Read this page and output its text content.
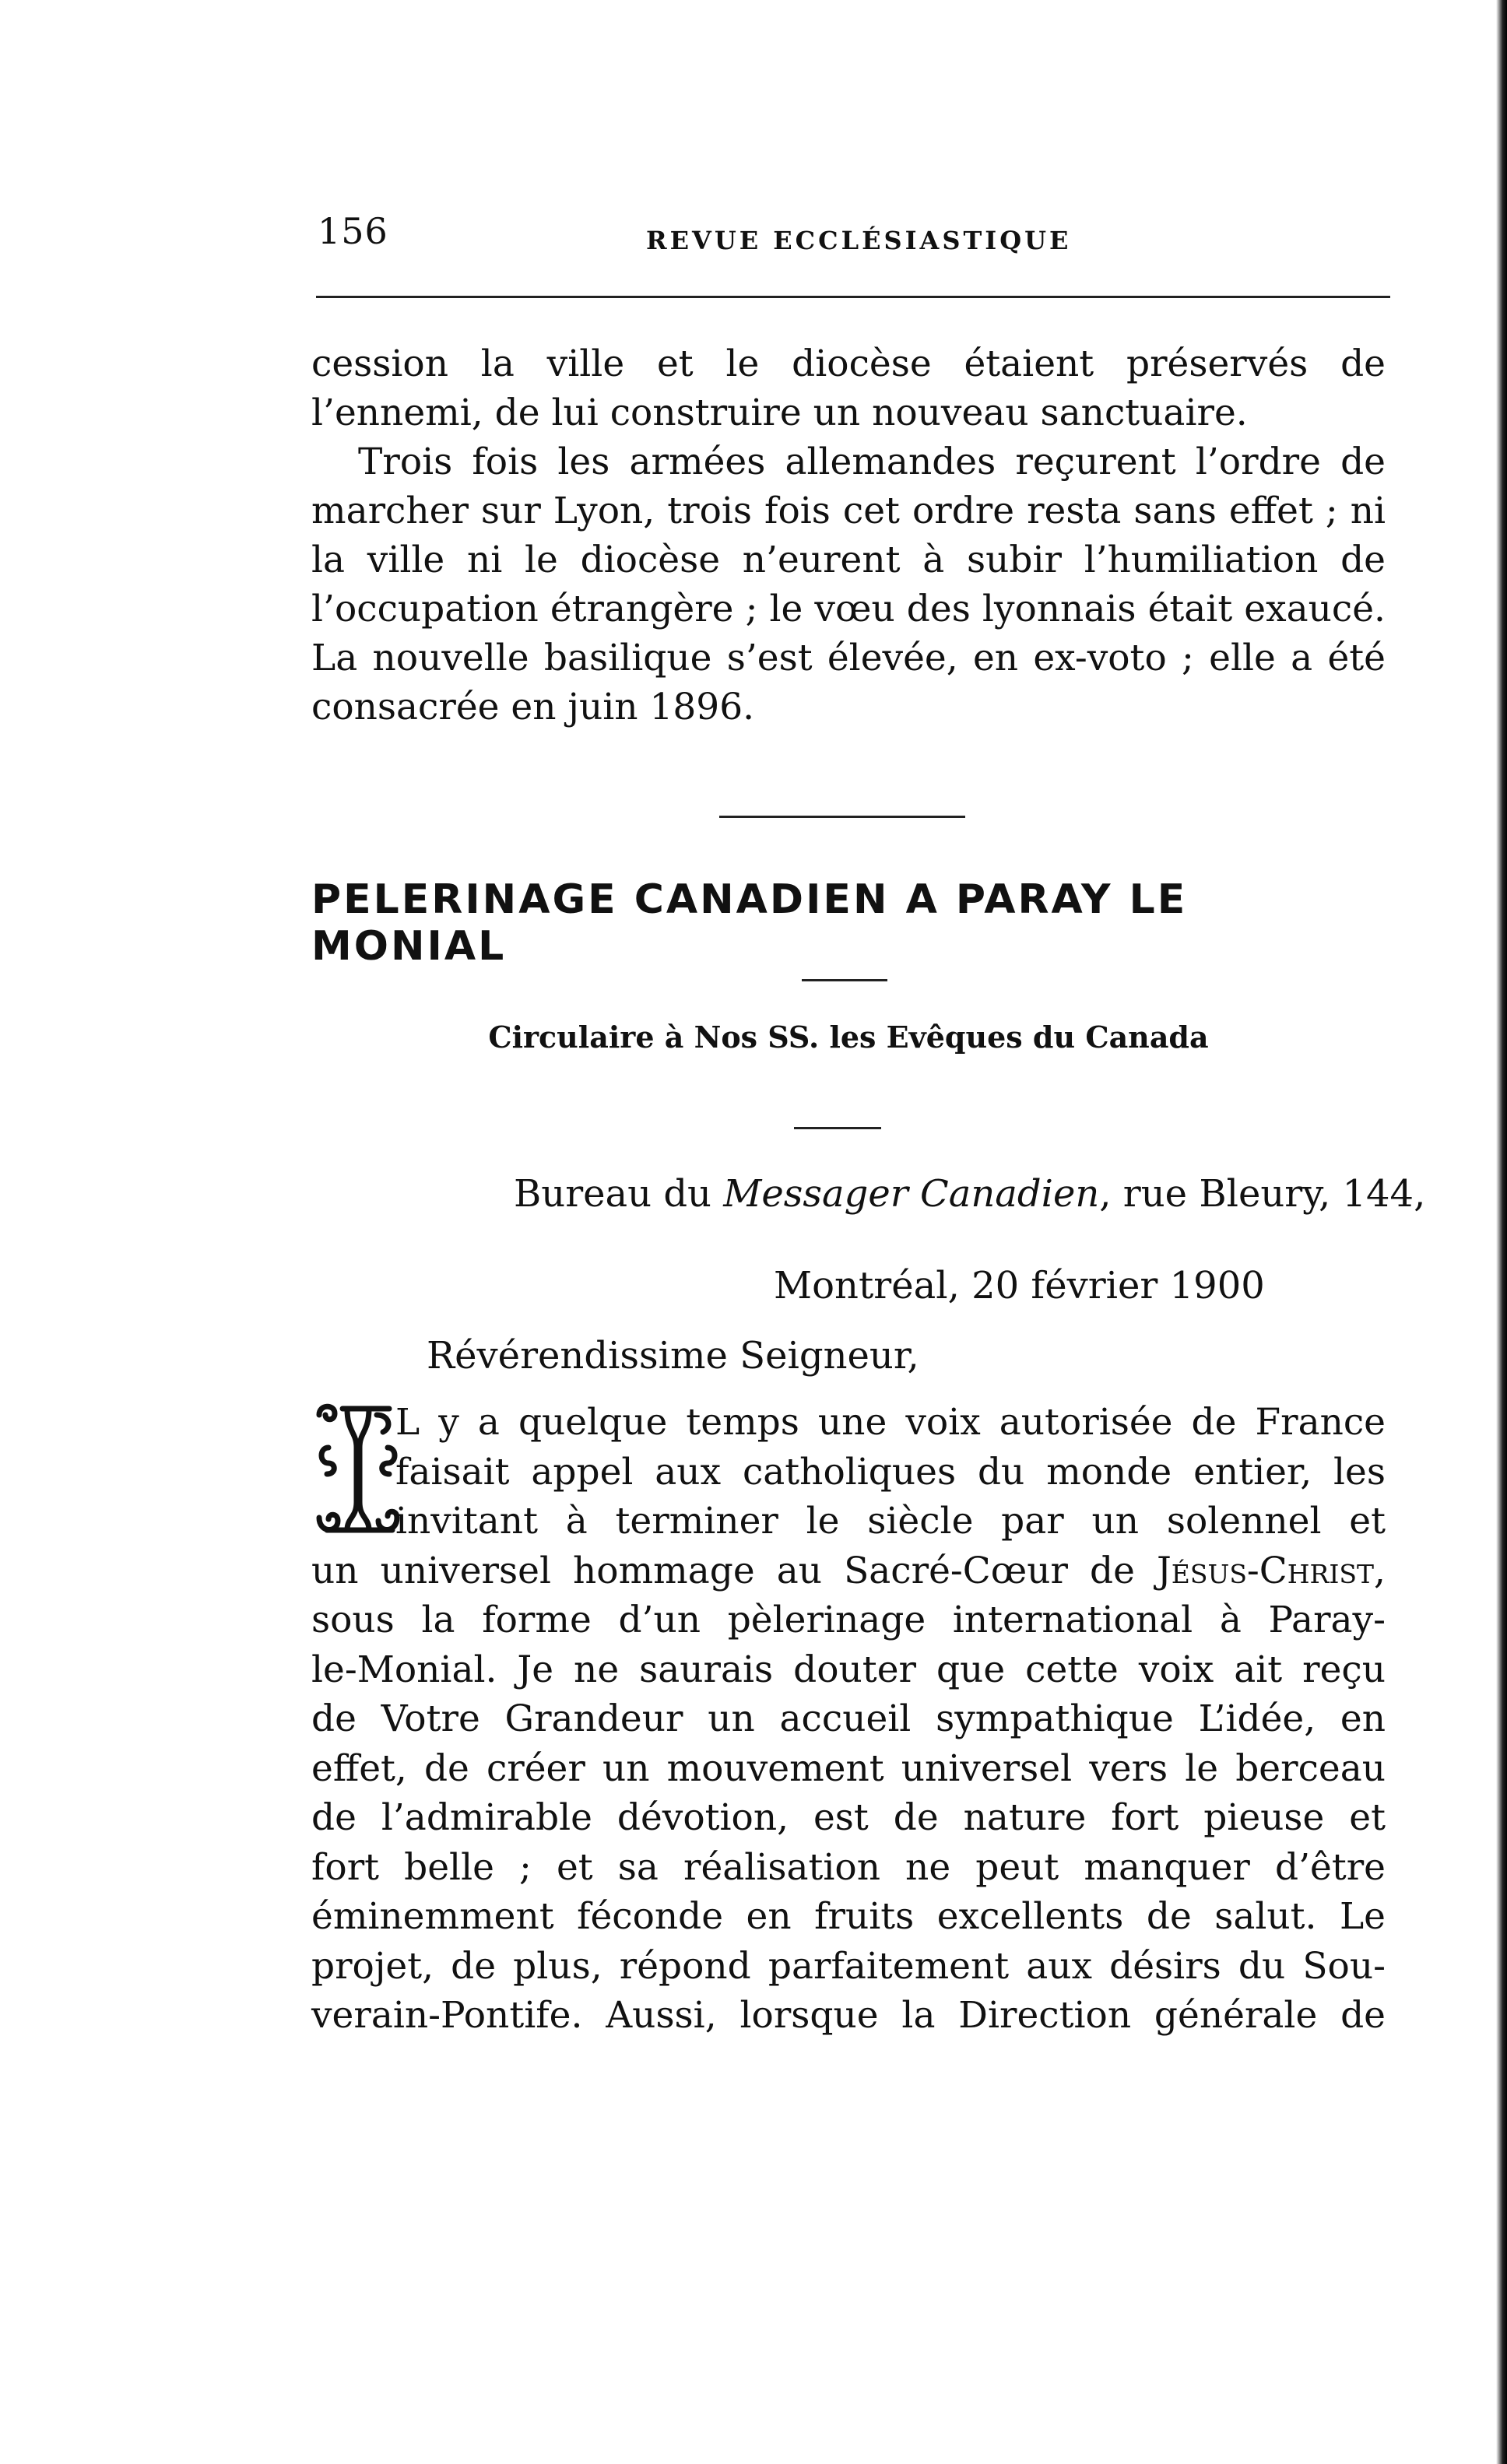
156	REVUE ECCLÉSIASTIQUE

cession la ville et le diocèse étaient préservés de l’ennemi, de lui construire un nouveau sanctuaire.

Trois fois les armées allemandes reçurent l’ordre de marcher sur Lyon, trois fois cet ordre resta sans effet ; ni la ville ni le diocèse n’eurent à subir l’humiliation de l’occupation étrangère ; le vœu des lyonnais était exaucé. La nouvelle basilique s’est élevée, en ex-voto ; elle a été consacrée en juin 1896.

PELERINAGE CANADIEN A PARAY LE MONIAL
Circulaire à Nos SS. les Evêques du Canada
Bureau du Messager Canadien, rue Bleury, 144,
Montréal, 20 février 1900
Révérendissime Seigneur,
L y a quelque temps une voix autorisée de France
faisait appel aux catholiques du monde entier, les
invitant à terminer le siècle par un solennel et
un universel hommage au Sacré-Cœur de Jésus-Christ,
sous la forme d’un pèlerinage international à Paray-
le-Monial. Je ne saurais douter que cette voix ait reçu
de Votre Grandeur un accueil sympathique L’idée, en
effet, de créer un mouvement universel vers le berceau
de l’admirable dévotion, est de nature fort pieuse et
fort belle ; et sa réalisation ne peut manquer d’être
éminemment féconde en fruits excellents de salut. Le
projet, de plus, répond parfaitement aux désirs du Sou-
verain-Pontife. Aussi, lorsque la Direction générale de
